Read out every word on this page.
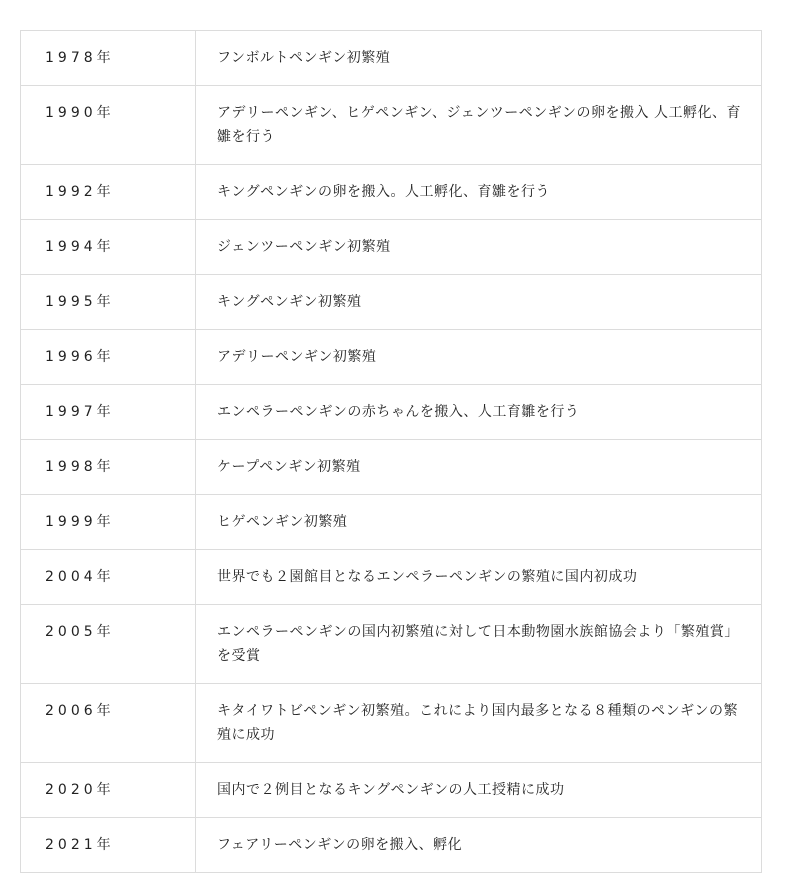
1978年	フンボルトペンギン初繁殖
1990年	アデリーペンギン、ヒゲペンギン、ジェンツーペンギンの卵を搬入 人工孵化、育雛を行う
1992年	キングペンギンの卵を搬入。人工孵化、育雛を行う
1994年	ジェンツーペンギン初繁殖
1995年	キングペンギン初繁殖
1996年	アデリーペンギン初繁殖
1997年	エンペラーペンギンの赤ちゃんを搬入、人工育雛を行う
1998年	ケープペンギン初繁殖
1999年	ヒゲペンギン初繁殖
2004年	世界でも２園館目となるエンペラーペンギンの繁殖に国内初成功
2005年	エンペラーペンギンの国内初繁殖に対して日本動物園水族館協会より「繁殖賞」を受賞
2006年	キタイワトビペンギン初繁殖。これにより国内最多となる８種類のペンギンの繁殖に成功
2020年	国内で２例目となるキングペンギンの人工授精に成功
2021年	フェアリーペンギンの卵を搬入、孵化
